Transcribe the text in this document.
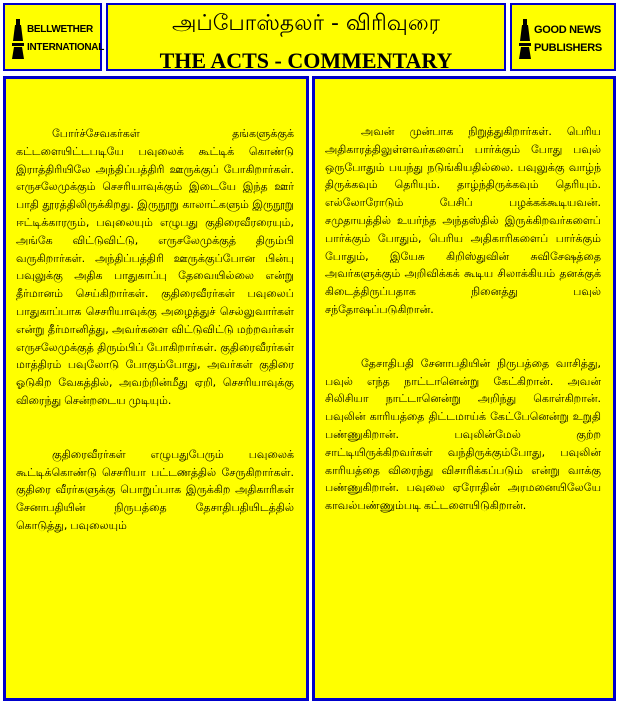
BELLWETHER
INTERNATIONAL
அப்போஸ்தலர் - விரிவுரை
THE ACTS - COMMENTARY
GOOD NEWS
PUBLISHERS

போர்ச்சேவகர்கள் தங்களுக்குக் கட்டளையிட்டபடியே பவுலைக் கூட்டிக் கொண்டு இராத்திரியிலே அந்திப்பத்திரி ஊருக்குப் போகிறார்கள். எருசலேமுக்கும் செசரியாவுக்கும் இடையே இந்த ஊர் பாதி தூரத்திலிருக்கிறது. இருநூறு காலாட்களும் இருநூறு ஈட்டிக்காரரும், பவுலையும் எழுபது குதிரைவீரரையும், அங்கே விட்டுவிட்டு, எருசலேமுக்குத் திரும்பி வருகிறார்கள். அந்திப்பத்திரி ஊருக்குப்போன பின்பு பவுலுக்கு அதிக பாதுகாப்பு தேவையில்லை என்று தீர்மானம் செய்கிறார்கள். குதிரைவீரர்கள் பவுலைப் பாதுகாப்பாக செசரியாவுக்கு அழைத்துச் செல்லுவார்கள் என்று தீர்மானித்து, அவர்களை விட்டுவிட்டு மற்றவர்கள் எருசலேமுக்குத் திரும்பிப் போகிறார்கள். குதிரைவீரர்கள் மாத்திரம் பவுலோடு போகும்போது, அவர்கள் குதிரை ஓடுகிற வேகத்தில், அவற்றின்மீது ஏறி, செசரியாவுக்கு விரைந்து சென்றடைய முடியும்.

குதிரைவீரர்கள் எழுபதுபேரும் பவுலைக் கூட்டிக்கொண்டு செசரியா பட்டணத்தில் சேருகிறார்கள். குதிரை வீரர்களுக்கு பொறுப்பாக இருக்கிற அதிகாரிகள் சேனாபதியின் நிருபத்தை தேசாதிபதியிடத்தில் கொடுத்து, பவுலையும்

அவன் முன்பாக நிறுத்துகிறார்கள். பெரிய அதிகாரத்திலுள்ளவர்களைப் பார்க்கும் போது பவுல் ஒருபோதும் பயந்து நடுங்கியதில்லை. பவுலுக்கு வாழ்ந் திருக்கவும் தெரியும். தாழ்ந்திருக்கவும் தெரியும். எல்லோரோடும் பேசிப் பழக்கக்கூடியவன். சமுதாயத்தில் உயர்ந்த அந்தஸ்தில் இருக்கிறவர்களைப் பார்க்கும் போதும், பெரிய அதிகாரிகளைப் பார்க்கும் போதும், இயேசு கிறிஸ்துவின் சுவிசேஷத்தை அவர்களுக்கும் அறிவிக்கக் கூடிய சிலாக்கியம் தனக்குக் கிடைத்திருப்பதாக நினைத்து பவுல் சந்தோஷப்படுகிறான்.

தேசாதிபதி சேனாபதியின் நிருபத்தை வாசித்து, பவுல் எந்த நாட்டானென்று கேட்கிறான். அவன் சிலிசியா நாட்டானென்று அறிந்து கொள்கிறான். பவுலின் காரியத்தை திட்டமாய்க் கேட்பேனென்று உறுதி பண்ணுகிறான். பவுலின்மேல் குற்ற சாட்டியிருக்கிறவர்கள் வந்திருக்கும்போது, பவுலின் காரியத்தை விரைந்து விசாரிக்கப்படும் என்று வாக்கு பண்ணுகிறான். பவுலை ஏரோதின் அரமனையிலேயே காவல்பண்ணும்படி கட்டளையிடுகிறான்.
